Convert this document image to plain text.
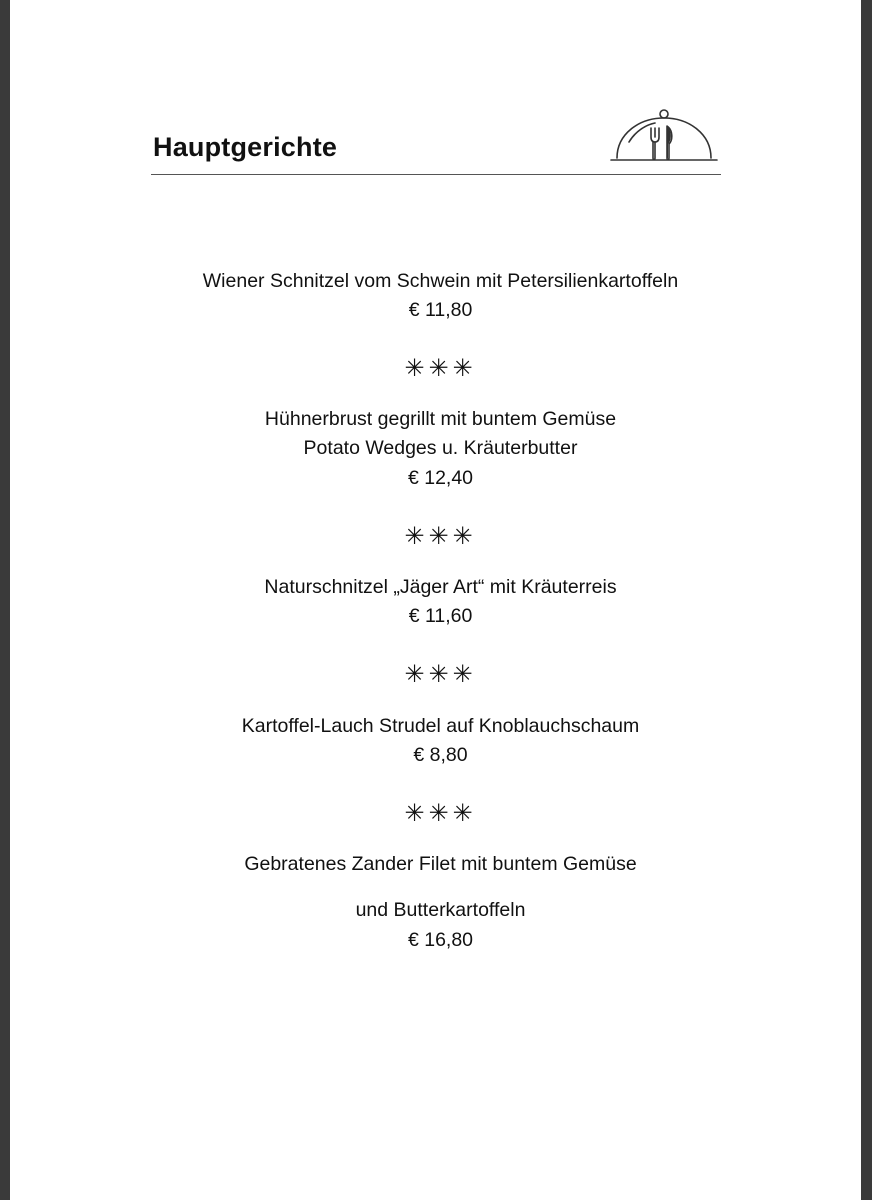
Hauptgerichte
Wiener Schnitzel vom Schwein mit Petersilienkartoffeln
€ 11,80
✳✳✳
Hühnerbrust gegrillt mit buntem Gemüse
Potato Wedges u. Kräuterbutter
€ 12,40
✳✳✳
Naturschnitzel „Jäger Art“ mit Kräuterreis
€ 11,60
✳✳✳
Kartoffel-Lauch Strudel auf Knoblauchschaum
€ 8,80
✳✳✳
Gebratenes Zander Filet mit buntem Gemüse
und Butterkartoffeln
€ 16,80
